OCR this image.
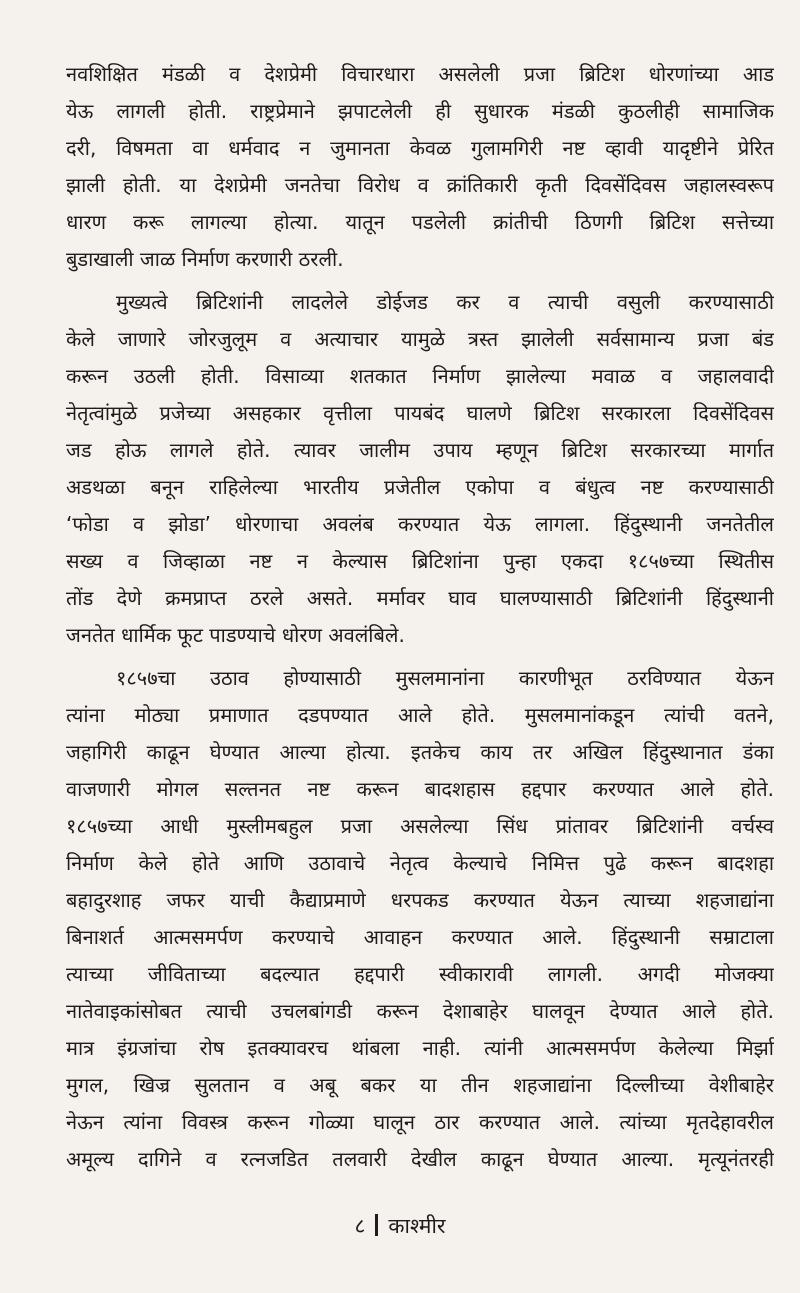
नवशिक्षित मंडळी व देशप्रेमी विचारधारा असलेली प्रजा ब्रिटिश धोरणांच्या आड
येऊ लागली होती. राष्ट्रप्रेमाने झपाटलेली ही सुधारक मंडळी कुठलीही सामाजिक
दरी, विषमता वा धर्मवाद न जुमानता केवळ गुलामगिरी नष्ट व्हावी यादृष्टीने प्रेरित
झाली होती. या देशप्रेमी जनतेचा विरोध व क्रांतिकारी कृती दिवसेंदिवस जहालस्वरूप
धारण करू लागल्या होत्या. यातून पडलेली क्रांतीची ठिणगी ब्रिटिश सत्तेच्या
बुडाखाली जाळ निर्माण करणारी ठरली.
मुख्यत्वे ब्रिटिशांनी लादलेले डोईजड कर व त्याची वसुली करण्यासाठी
केले जाणारे जोरजुलूम व अत्याचार यामुळे त्रस्त झालेली सर्वसामान्य प्रजा बंड
करून उठली होती. विसाव्या शतकात निर्माण झालेल्या मवाळ व जहालवादी
नेतृत्वांमुळे प्रजेच्या असहकार वृत्तीला पायबंद घालणे ब्रिटिश सरकारला दिवसेंदिवस
जड होऊ लागले होते. त्यावर जालीम उपाय म्हणून ब्रिटिश सरकारच्या मार्गात
अडथळा बनून राहिलेल्या भारतीय प्रजेतील एकोपा व बंधुत्व नष्ट करण्यासाठी
‘फोडा व झोडा’ धोरणाचा अवलंब करण्यात येऊ लागला. हिंदुस्थानी जनतेतील
सख्य व जिव्हाळा नष्ट न केल्यास ब्रिटिशांना पुन्हा एकदा १८५७च्या स्थितीस
तोंड देणे क्रमप्राप्त ठरले असते. मर्मावर घाव घालण्यासाठी ब्रिटिशांनी हिंदुस्थानी
जनतेत धार्मिक फूट पाडण्याचे धोरण अवलंबिले.
१८५७चा उठाव होण्यासाठी मुसलमानांना कारणीभूत ठरविण्यात येऊन
त्यांना मोठ्या प्रमाणात दडपण्यात आले होते. मुसलमानांकडून त्यांची वतने,
जहागिरी काढून घेण्यात आल्या होत्या. इतकेच काय तर अखिल हिंदुस्थानात डंका
वाजणारी मोगल सल्तनत नष्ट करून बादशहास हद्दपार करण्यात आले होते.
१८५७च्या आधी मुस्लीमबहुल प्रजा असलेल्या सिंध प्रांतावर ब्रिटिशांनी वर्चस्व
निर्माण केले होते आणि उठावाचे नेतृत्व केल्याचे निमित्त पुढे करून बादशहा
बहादुरशाह जफर याची कैद्याप्रमाणे धरपकड करण्यात येऊन त्याच्या शहजाद्यांना
बिनाशर्त आत्मसमर्पण करण्याचे आवाहन करण्यात आले. हिंदुस्थानी सम्राटाला
त्याच्या जीविताच्या बदल्यात हद्दपारी स्वीकारावी लागली. अगदी मोजक्या
नातेवाइकांसोबत त्याची उचलबांगडी करून देशाबाहेर घालवून देण्यात आले होते.
मात्र इंग्रजांचा रोष इतक्यावरच थांबला नाही. त्यांनी आत्मसमर्पण केलेल्या मिर्झा
मुगल, खिज्र सुलतान व अबू बकर या तीन शहजाद्यांना दिल्लीच्या वेशीबाहेर
नेऊन त्यांना विवस्त्र करून गोळ्या घालून ठार करण्यात आले. त्यांच्या मृतदेहावरील
अमूल्य दागिने व रत्नजडित तलवारी देखील काढून घेण्यात आल्या. मृत्यूनंतरही
८ काश्मीर
